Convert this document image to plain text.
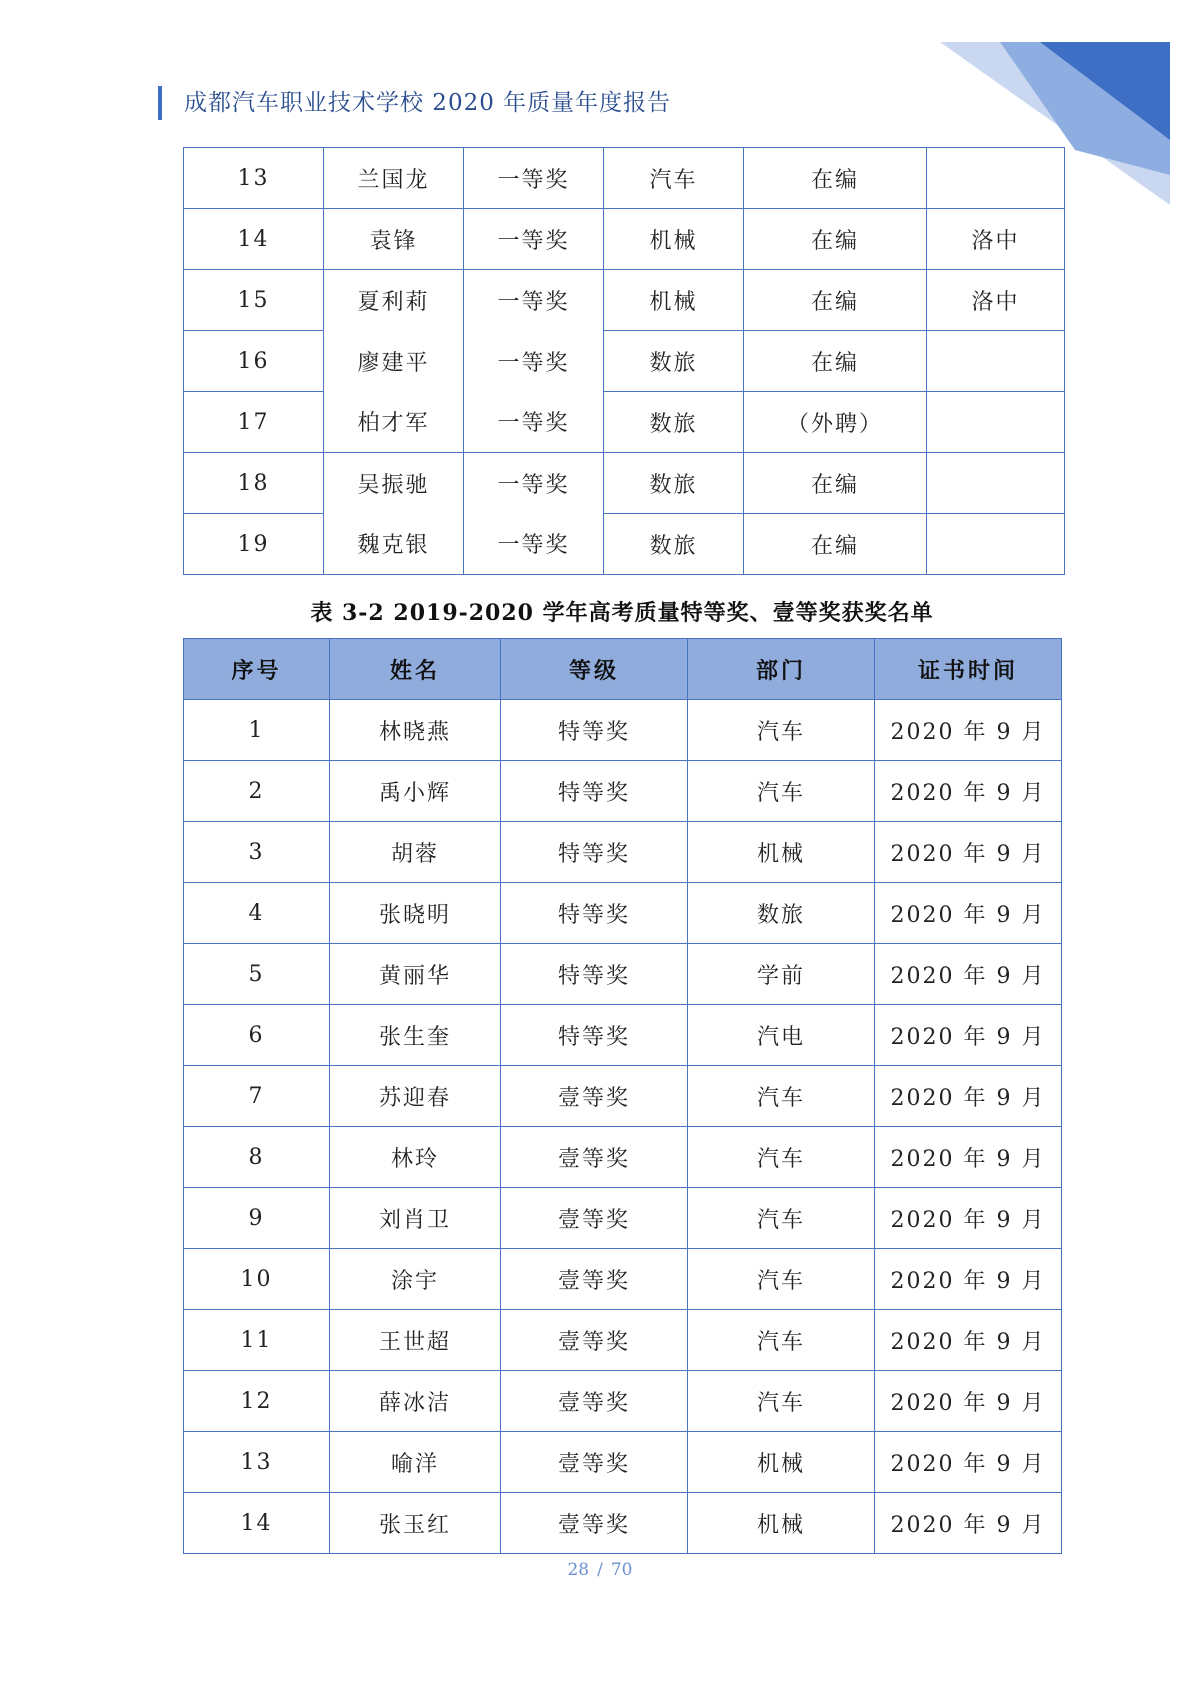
成都汽车职业技术学校 2020 年质量年度报告
13	兰国龙	一等奖	汽车	在编	
14	袁锋	一等奖	机械	在编	洛中
15	夏利莉	一等奖	机械	在编	洛中
16	廖建平	一等奖	数旅	在编	
17	柏才军	一等奖	数旅	（外聘）	
18	吴振驰	一等奖	数旅	在编	
19	魏克银	一等奖	数旅	在编	
表 3-2 2019-2020 学年高考质量特等奖、壹等奖获奖名单
序号	姓名	等级	部门	证书时间
1	林晓燕	特等奖	汽车	2020 年 9 月
2	禹小辉	特等奖	汽车	2020 年 9 月
3	胡蓉	特等奖	机械	2020 年 9 月
4	张晓明	特等奖	数旅	2020 年 9 月
5	黄丽华	特等奖	学前	2020 年 9 月
6	张生奎	特等奖	汽电	2020 年 9 月
7	苏迎春	壹等奖	汽车	2020 年 9 月
8	林玲	壹等奖	汽车	2020 年 9 月
9	刘肖卫	壹等奖	汽车	2020 年 9 月
10	涂宇	壹等奖	汽车	2020 年 9 月
11	王世超	壹等奖	汽车	2020 年 9 月
12	薛冰洁	壹等奖	汽车	2020 年 9 月
13	喻洋	壹等奖	机械	2020 年 9 月
14	张玉红	壹等奖	机械	2020 年 9 月
28 / 70
